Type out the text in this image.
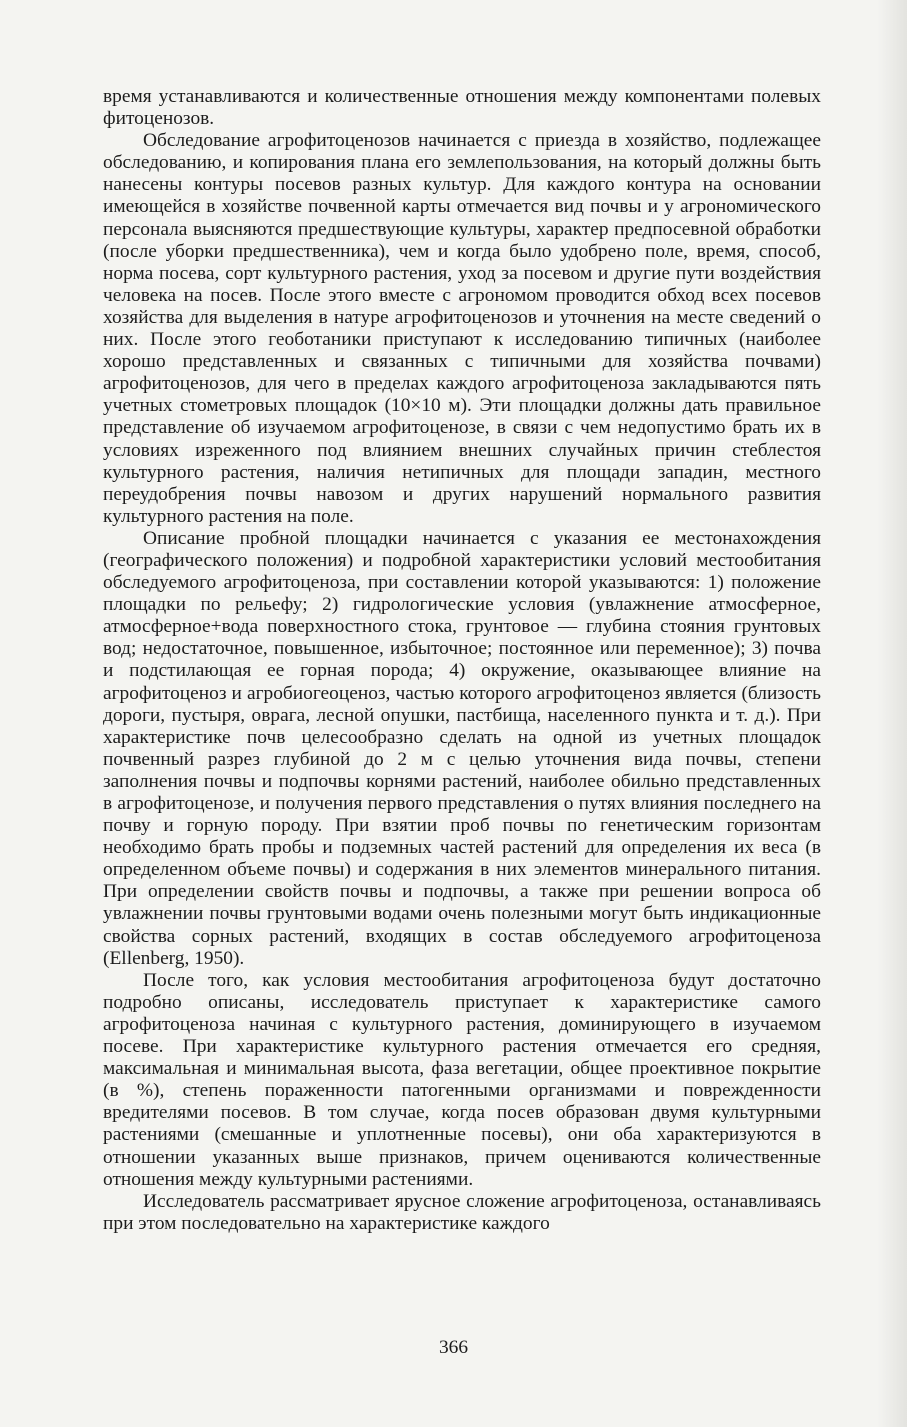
время устанавливаются и количественные отношения между компонентами полевых фитоценозов.

Обследование агрофитоценозов начинается с приезда в хозяйство, подлежащее обследованию, и копирования плана его землепользования, на который должны быть нанесены контуры посевов разных культур. Для каждого контура на основании имеющейся в хозяйстве почвенной карты отмечается вид почвы и у агрономического персонала выясняются предшествующие культуры, характер предпосевной обработки (после уборки предшественника), чем и когда было удобрено поле, время, способ, норма посева, сорт культурного растения, уход за посевом и другие пути воздействия человека на посев. После этого вместе с агрономом проводится обход всех посевов хозяйства для выделения в натуре агрофитоценозов и уточнения на месте сведений о них. После этого геоботаники приступают к исследованию типичных (наиболее хорошо представленных и связанных с типичными для хозяйства почвами) агрофитоценозов, для чего в пределах каждого агрофитоценоза закладываются пять учетных стометровых площадок (10×10 м). Эти площадки должны дать правильное представление об изучаемом агрофитоценозе, в связи с чем недопустимо брать их в условиях изреженного под влиянием внешних случайных причин стеблестоя культурного растения, наличия нетипичных для площади западин, местного переудобрения почвы навозом и других нарушений нормального развития культурного растения на поле.

Описание пробной площадки начинается с указания ее местонахождения (географического положения) и подробной характеристики условий местообитания обследуемого агрофитоценоза, при составлении которой указываются: 1) положение площадки по рельефу; 2) гидрологические условия (увлажнение атмосферное, атмосферное+вода поверхностного стока, грунтовое — глубина стояния грунтовых вод; недостаточное, повышенное, избыточное; постоянное или переменное); 3) почва и подстилающая ее горная порода; 4) окружение, оказывающее влияние на агрофитоценоз и агробиогеоценоз, частью которого агрофитоценоз является (близость дороги, пустыря, оврага, лесной опушки, пастбища, населенного пункта и т. д.). При характеристике почв целесообразно сделать на одной из учетных площадок почвенный разрез глубиной до 2 м с целью уточнения вида почвы, степени заполнения почвы и подпочвы корнями растений, наиболее обильно представленных в агрофитоценозе, и получения первого представления о путях влияния последнего на почву и горную породу. При взятии проб почвы по генетическим горизонтам необходимо брать пробы и подземных частей растений для определения их веса (в определенном объеме почвы) и содержания в них элементов минерального питания. При определении свойств почвы и подпочвы, а также при решении вопроса об увлажнении почвы грунтовыми водами очень полезными могут быть индикационные свойства сорных растений, входящих в состав обследуемого агрофитоценоза (Ellenberg, 1950).

После того, как условия местообитания агрофитоценоза будут достаточно подробно описаны, исследователь приступает к характеристике самого агрофитоценоза начиная с культурного растения, доминирующего в изучаемом посеве. При характеристике культурного растения отмечается его средняя, максимальная и минимальная высота, фаза вегетации, общее проективное покрытие (в %), степень пораженности патогенными организмами и поврежденности вредителями посевов. В том случае, когда посев образован двумя культурными растениями (смешанные и уплотненные посевы), они оба характеризуются в отношении указанных выше признаков, причем оцениваются количественные отношения между культурными растениями.

Исследователь рассматривает ярусное сложение агрофитоценоза, останавливаясь при этом последовательно на характеристике каждого

366
